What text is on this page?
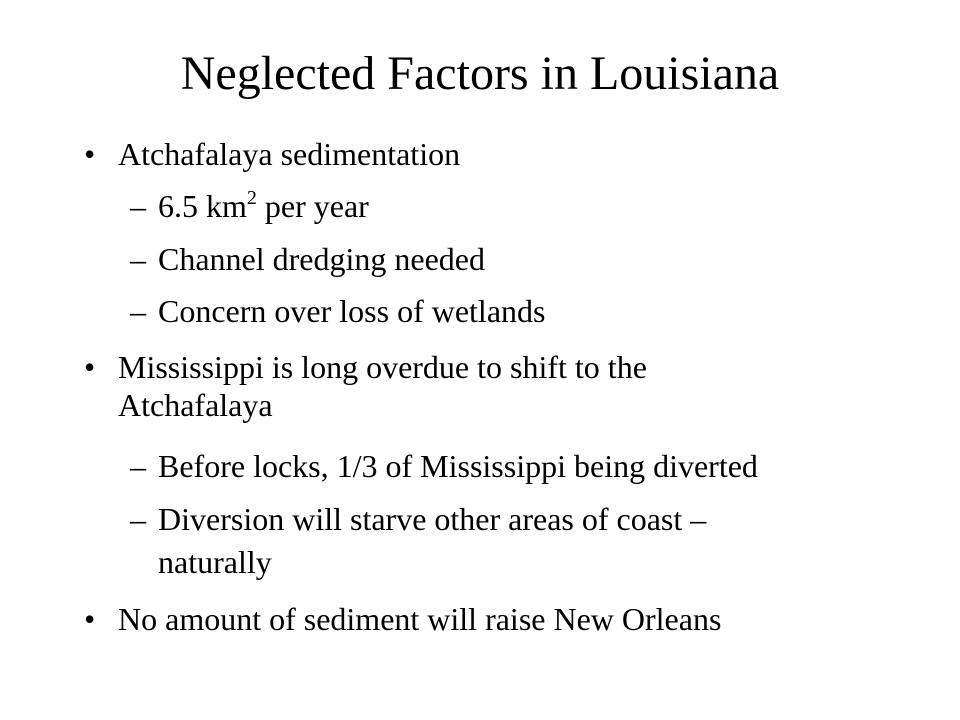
Neglected Factors in Louisiana
• Atchafalaya sedimentation
– 6.5 $km^2$ per year
– Channel dredging needed
– Concern over loss of wetlands
• Mississippi is long overdue to shift to the
Atchafalaya
– Before locks, 1/3 of Mississippi being diverted
– Diversion will starve other areas of coast –
naturally
• No amount of sediment will raise New Orleans
